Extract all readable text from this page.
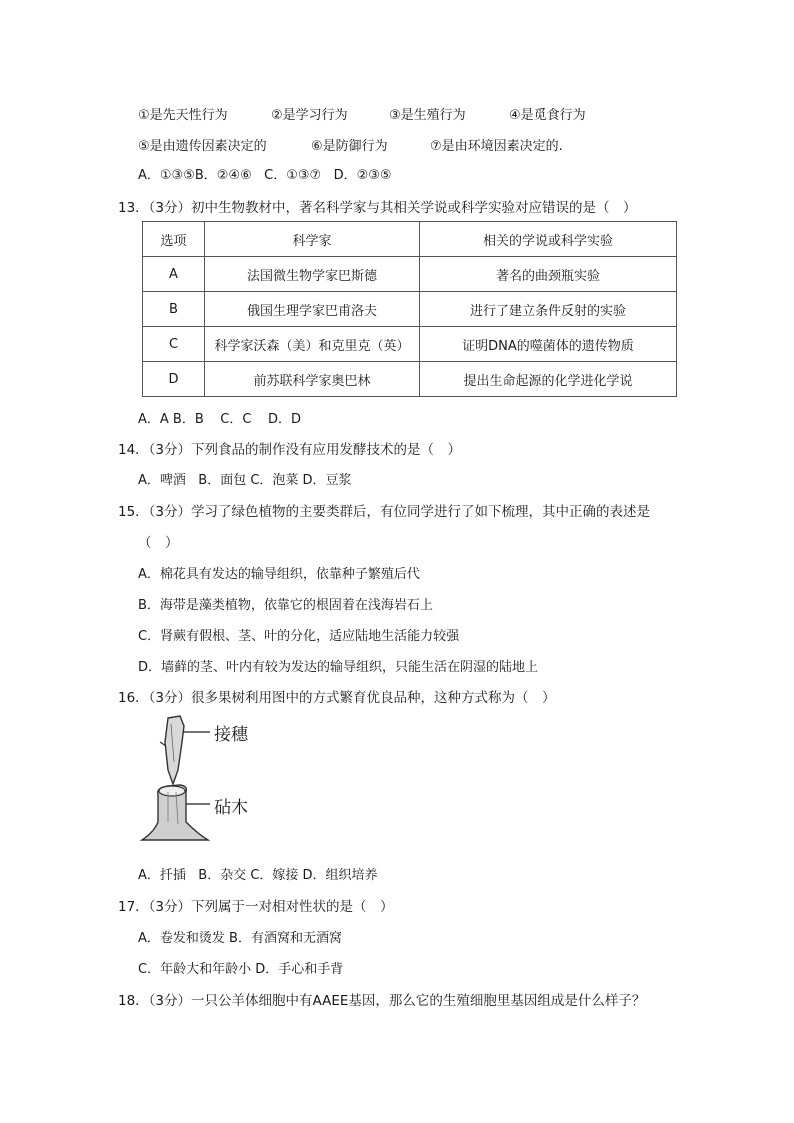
①是先天性行为	②是学习行为	③是生殖行为	④是觅食行为
⑤是由遗传因素决定的	⑥是防御行为	⑦是由环境因素决定的.
A．①③⑤B．②④⑥   C．①③⑦   D．②③⑤
13．（3分）初中生物教材中，著名科学家与其相关学说或科学实验对应错误的是（　）
选项	科学家	相关的学说或科学实验
A	法国微生物学家巴斯德	著名的曲颈瓶实验
B	俄国生理学家巴甫洛夫	进行了建立条件反射的实验
C	科学家沃森（美）和克里克（英）	证明DNA的噬菌体的遗传物质
D	前苏联科学家奥巴林	提出生命起源的化学进化学说
A．A B．B    C．C    D．D
14．（3分）下列食品的制作没有应用发酵技术的是（　）
A．啤酒   B．面包 C．泡菜 D．豆浆
15．（3分）学习了绿色植物的主要类群后，有位同学进行了如下梳理，其中正确的表述是
（　）
A．棉花具有发达的输导组织，依靠种子繁殖后代
B．海带是藻类植物，依靠它的根固着在浅海岩石上
C．肾蕨有假根、茎、叶的分化，适应陆地生活能力较强
D．墙藓的茎、叶内有较为发达的输导组织，只能生活在阴湿的陆地上
16．（3分）很多果树利用图中的方式繁育优良品种，这种方式称为（　）
接穗
砧木
A．扦插   B．杂交 C．嫁接 D．组织培养
17．（3分）下列属于一对相对性状的是（　）
A．卷发和烫发 B．有酒窝和无酒窝
C．年龄大和年龄小 D．手心和手背
18．（3分）一只公羊体细胞中有AAEE基因，那么它的生殖细胞里基因组成是什么样子？
